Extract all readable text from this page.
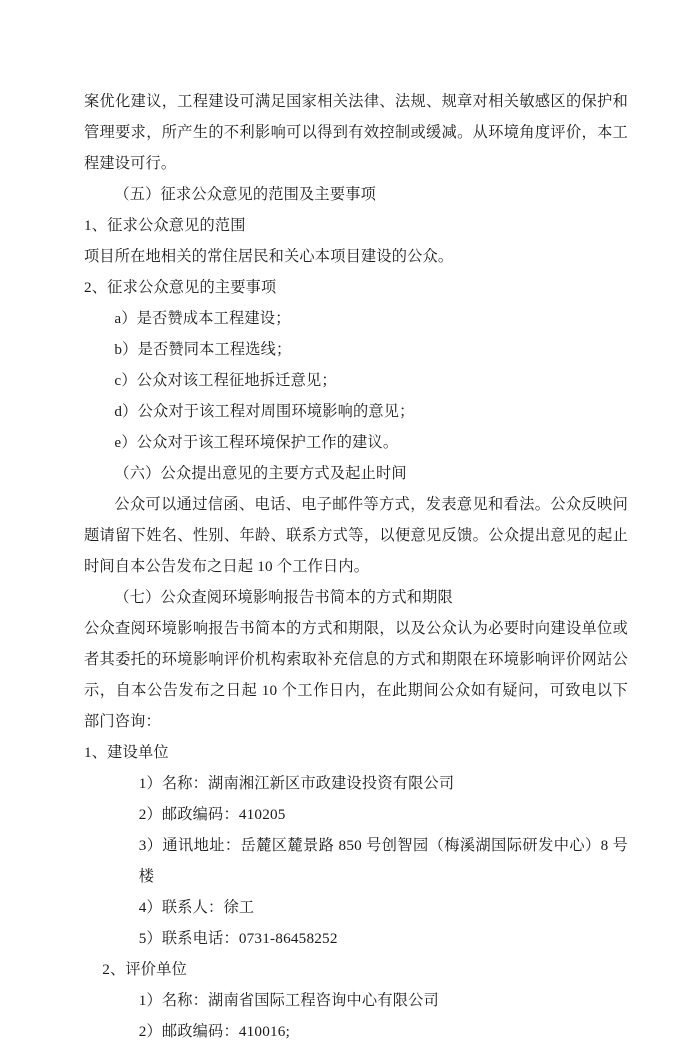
案优化建议，工程建设可满足国家相关法律、法规、规章对相关敏感区的保护和管理要求，所产生的不利影响可以得到有效控制或缓减。从环境角度评价，本工程建设可行。

（五）征求公众意见的范围及主要事项

1、征求公众意见的范围

项目所在地相关的常住居民和关心本项目建设的公众。

2、征求公众意见的主要事项

a）是否赞成本工程建设；

b）是否赞同本工程选线；

c）公众对该工程征地拆迁意见；

d）公众对于该工程对周围环境影响的意见；

e）公众对于该工程环境保护工作的建议。

（六）公众提出意见的主要方式及起止时间

公众可以通过信函、电话、电子邮件等方式，发表意见和看法。公众反映问题请留下姓名、性别、年龄、联系方式等，以便意见反馈。公众提出意见的起止时间自本公告发布之日起 10 个工作日内。

（七）公众查阅环境影响报告书简本的方式和期限

公众查阅环境影响报告书简本的方式和期限，以及公众认为必要时向建设单位或者其委托的环境影响评价机构索取补充信息的方式和期限在环境影响评价网站公示，自本公告发布之日起 10 个工作日内，在此期间公众如有疑问，可致电以下部门咨询：

1、建设单位

1）名称：湖南湘江新区市政建设投资有限公司

2）邮政编码：410205

3）通讯地址：岳麓区麓景路 850 号创智园（梅溪湖国际研发中心）8 号楼

4）联系人：徐工

5）联系电话：0731-86458252

2、评价单位

1）名称：湖南省国际工程咨询中心有限公司

2）邮政编码：410016;
